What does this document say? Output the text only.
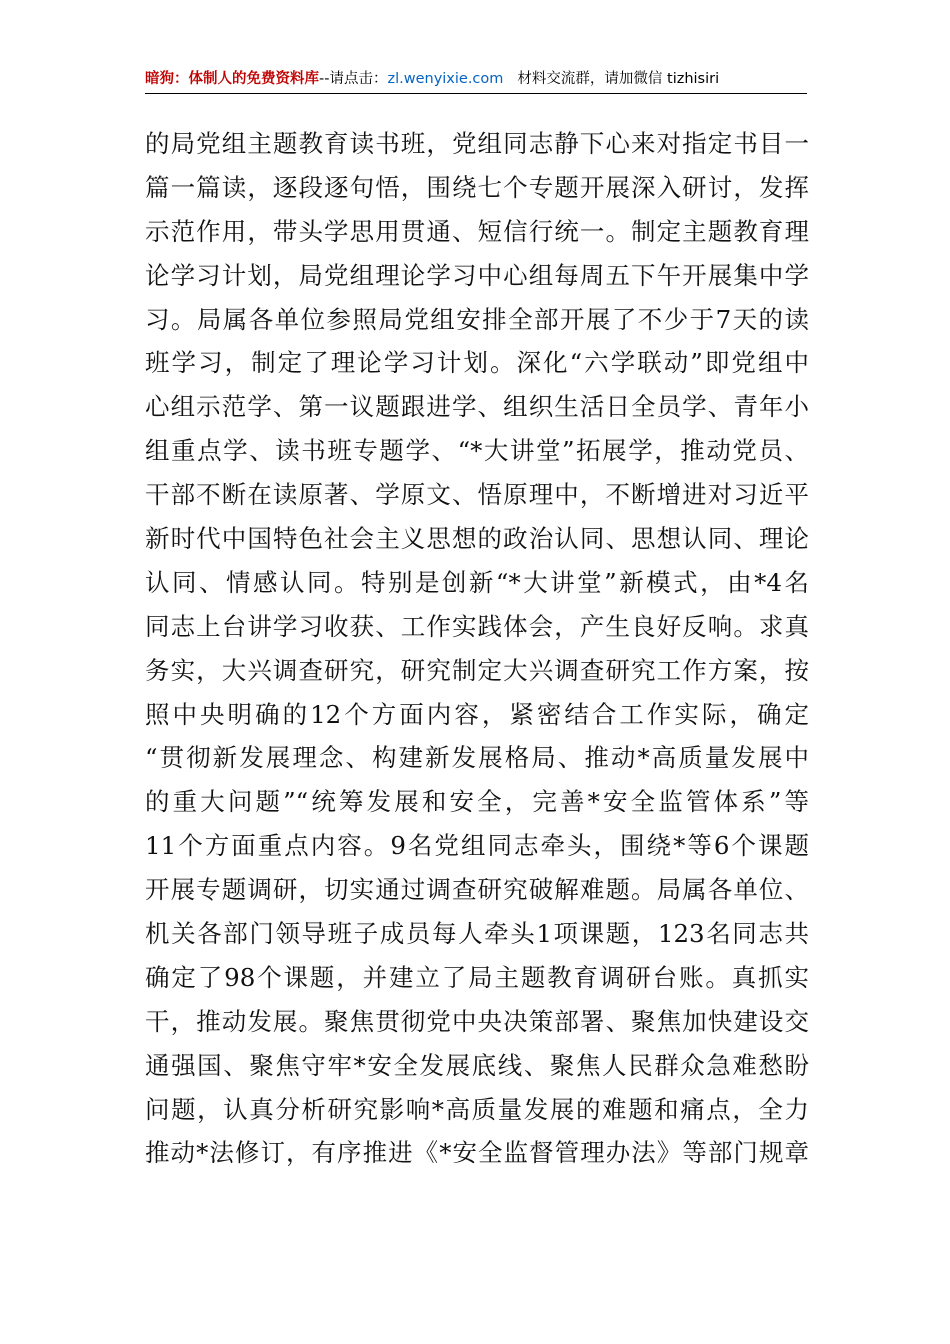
暗狗：体制人的免费资料库--请点击：zl.wenyixie.com 材料交流群，请加微信 tizhisiri
的局党组主题教育读书班，党组同志静下心来对指定书目一
篇一篇读，逐段逐句悟，围绕七个专题开展深入研讨，发挥
示范作用，带头学思用贯通、短信行统一。制定主题教育理
论学习计划，局党组理论学习中心组每周五下午开展集中学
习。局属各单位参照局党组安排全部开展了不少于7天的读
班学习，制定了理论学习计划。深化“六学联动”即党组中
心组示范学、第一议题跟进学、组织生活日全员学、青年小
组重点学、读书班专题学、“*大讲堂”拓展学，推动党员、
干部不断在读原著、学原文、悟原理中，不断增进对习近平
新时代中国特色社会主义思想的政治认同、思想认同、理论
认同、情感认同。特别是创新“*大讲堂”新模式，由*4名
同志上台讲学习收获、工作实践体会，产生良好反响。求真
务实，大兴调查研究，研究制定大兴调查研究工作方案，按
照中央明确的12个方面内容，紧密结合工作实际，确定
“贯彻新发展理念、构建新发展格局、推动*高质量发展中
的重大问题”“统筹发展和安全，完善*安全监管体系”等
11个方面重点内容。9名党组同志牵头，围绕*等6个课题
开展专题调研，切实通过调查研究破解难题。局属各单位、
机关各部门领导班子成员每人牵头1项课题，123名同志共
确定了98个课题，并建立了局主题教育调研台账。真抓实
干，推动发展。聚焦贯彻党中央决策部署、聚焦加快建设交
通强国、聚焦守牢*安全发展底线、聚焦人民群众急难愁盼
问题，认真分析研究影响*高质量发展的难题和痛点，全力
推动*法修订，有序推进《*安全监督管理办法》等部门规章
